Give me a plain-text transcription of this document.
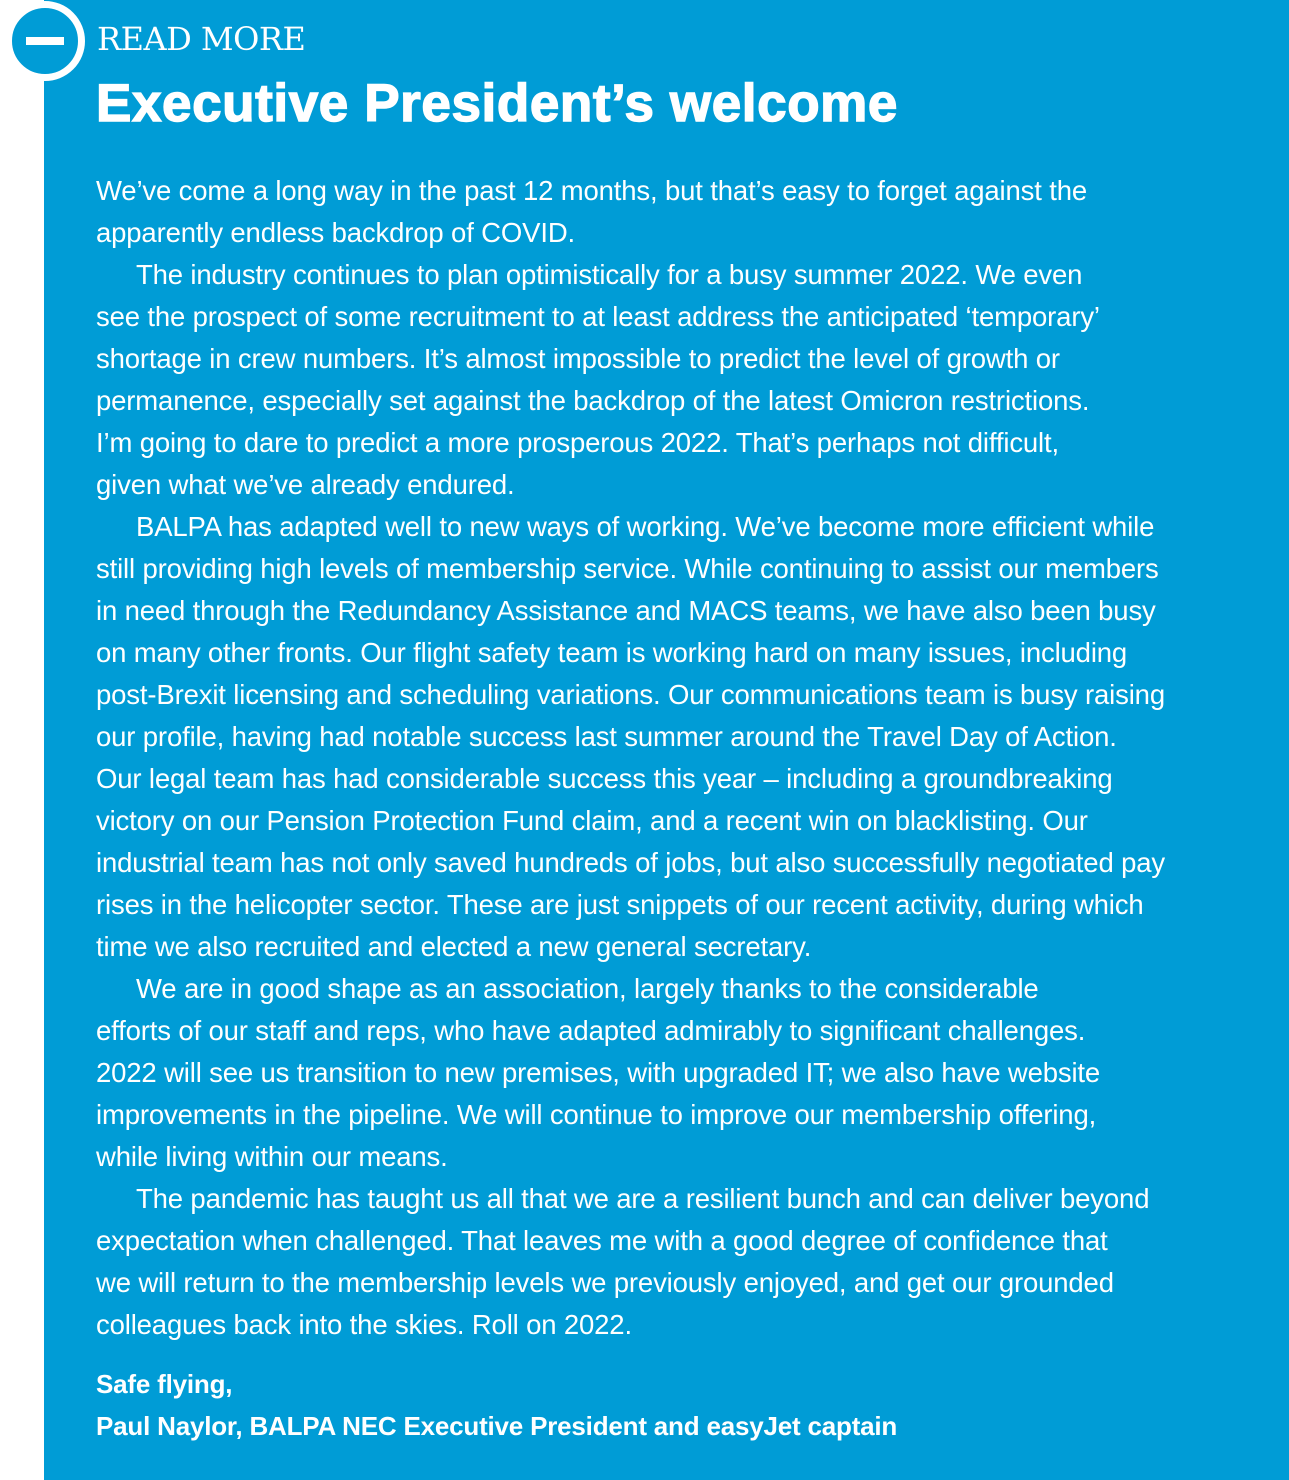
READ MORE
Executive President’s welcome

We’ve come a long way in the past 12 months, but that’s easy to forget against the
apparently endless backdrop of COVID.

The industry continues to plan optimistically for a busy summer 2022. We even
see the prospect of some recruitment to at least address the anticipated ‘temporary’
shortage in crew numbers. It’s almost impossible to predict the level of growth or
permanence, especially set against the backdrop of the latest Omicron restrictions.
I’m going to dare to predict a more prosperous 2022. That’s perhaps not difficult,
given what we’ve already endured.

BALPA has adapted well to new ways of working. We’ve become more efficient while
still providing high levels of membership service. While continuing to assist our members
in need through the Redundancy Assistance and MACS teams, we have also been busy
on many other fronts. Our flight safety team is working hard on many issues, including
post-Brexit licensing and scheduling variations. Our communications team is busy raising
our profile, having had notable success last summer around the Travel Day of Action.
Our legal team has had considerable success this year – including a groundbreaking
victory on our Pension Protection Fund claim, and a recent win on blacklisting. Our
industrial team has not only saved hundreds of jobs, but also successfully negotiated pay
rises in the helicopter sector. These are just snippets of our recent activity, during which
time we also recruited and elected a new general secretary.

We are in good shape as an association, largely thanks to the considerable
efforts of our staff and reps, who have adapted admirably to significant challenges.
2022 will see us transition to new premises, with upgraded IT; we also have website
improvements in the pipeline. We will continue to improve our membership offering,
while living within our means.

The pandemic has taught us all that we are a resilient bunch and can deliver beyond
expectation when challenged. That leaves me with a good degree of confidence that
we will return to the membership levels we previously enjoyed, and get our grounded
colleagues back into the skies. Roll on 2022.

Safe flying,
Paul Naylor, BALPA NEC Executive President and easyJet captain
